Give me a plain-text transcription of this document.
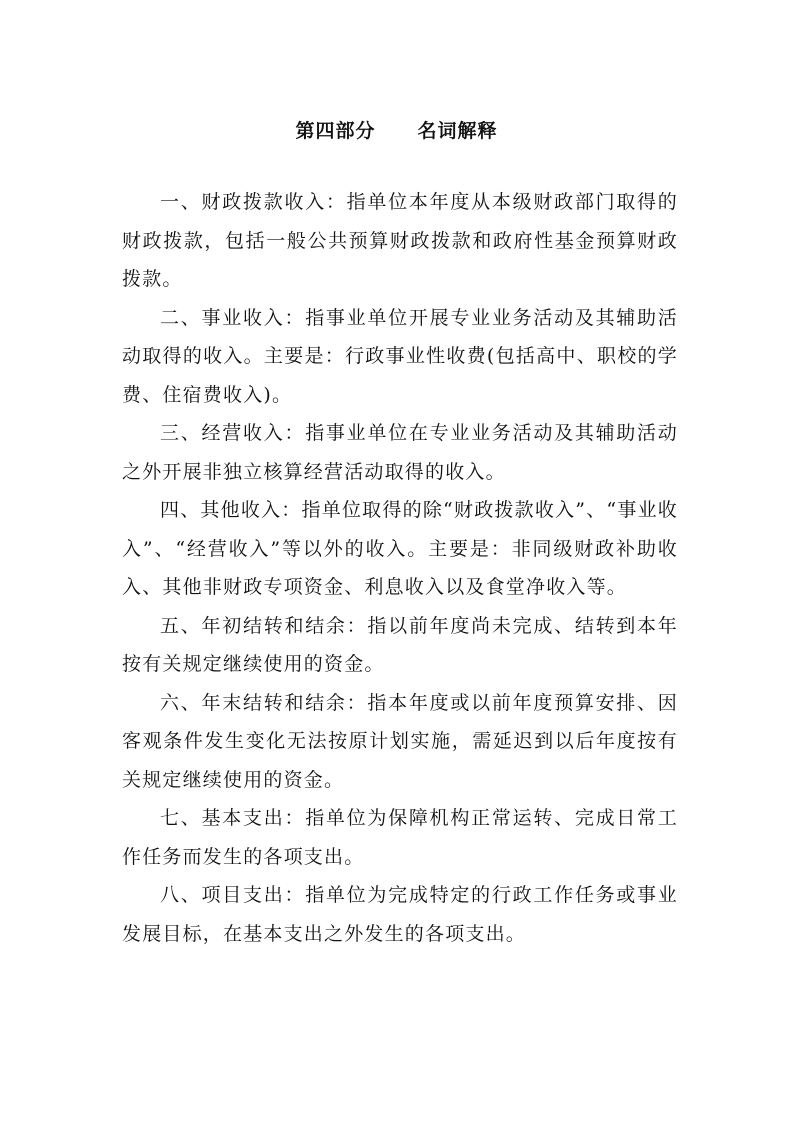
第四部分 名词解释

一、财政拨款收入：指单位本年度从本级财政部门取得的财政拨款，包括一般公共预算财政拨款和政府性基金预算财政拨款。

二、事业收入：指事业单位开展专业业务活动及其辅助活动取得的收入。主要是：行政事业性收费(包括高中、职校的学费、住宿费收入)。

三、经营收入：指事业单位在专业业务活动及其辅助活动之外开展非独立核算经营活动取得的收入。

四、其他收入：指单位取得的除“财政拨款收入”、“事业收入”、“经营收入”等以外的收入。主要是：非同级财政补助收入、其他非财政专项资金、利息收入以及食堂净收入等。

五、年初结转和结余：指以前年度尚未完成、结转到本年按有关规定继续使用的资金。

六、年末结转和结余：指本年度或以前年度预算安排、因客观条件发生变化无法按原计划实施，需延迟到以后年度按有关规定继续使用的资金。

七、基本支出：指单位为保障机构正常运转、完成日常工作任务而发生的各项支出。

八、项目支出：指单位为完成特定的行政工作任务或事业发展目标，在基本支出之外发生的各项支出。
